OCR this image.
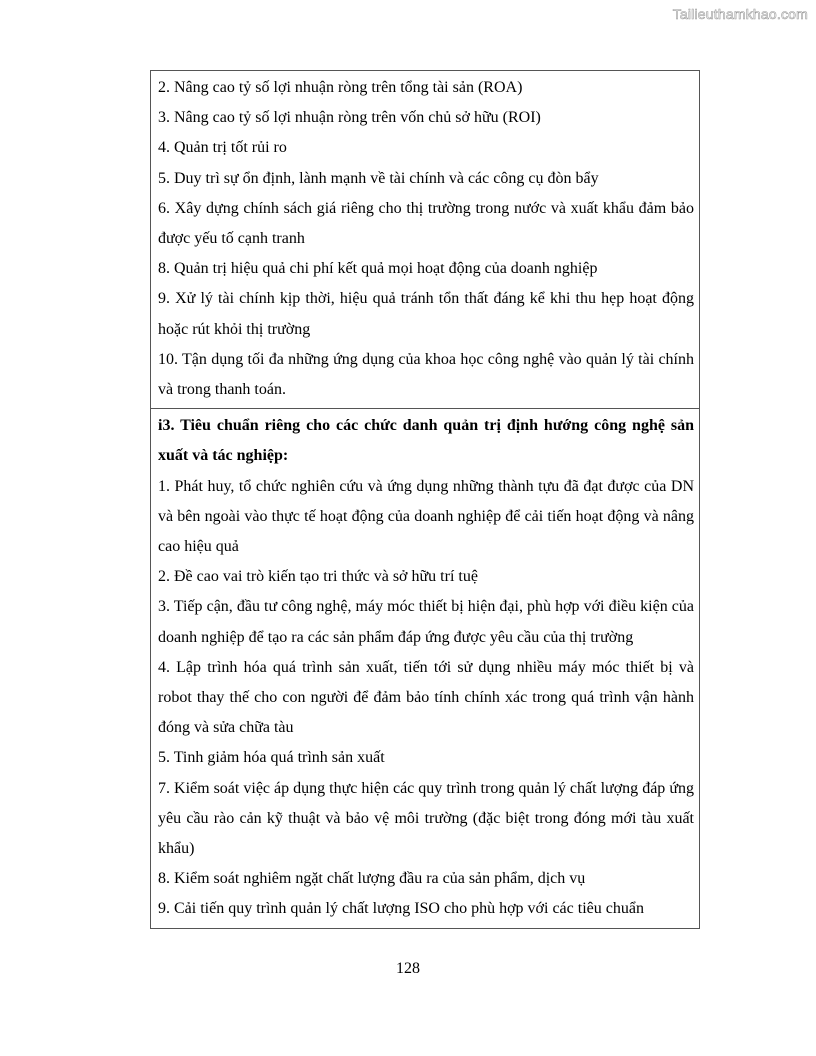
Tailieuthamkhao.com

2. Nâng cao tỷ số lợi nhuận ròng trên tổng tài sản (ROA)

3. Nâng cao tỷ số lợi nhuận ròng trên vốn chủ sở hữu (ROI)

4. Quản trị tốt rủi ro

5. Duy trì sự ổn định, lành mạnh về tài chính và các công cụ đòn bẩy

6. Xây dựng chính sách giá riêng cho thị trường trong nước và xuất khẩu đảm bảo được yếu tố cạnh tranh

8. Quản trị hiệu quả chi phí kết quả mọi hoạt động của doanh nghiệp

9. Xử lý tài chính kịp thời, hiệu quả tránh tổn thất đáng kể khi thu hẹp hoạt động hoặc rút khỏi thị trường

10. Tận dụng tối đa những ứng dụng của khoa học công nghệ vào quản lý tài chính và trong thanh toán.

i3. Tiêu chuẩn riêng cho các chức danh quản trị định hướng công nghệ sản xuất và tác nghiệp:

1. Phát huy, tổ chức nghiên cứu và ứng dụng những thành tựu đã đạt được của DN và bên ngoài vào thực tế hoạt động của doanh nghiệp để cải tiến hoạt động và nâng cao hiệu quả

2. Đề cao vai trò kiến tạo tri thức và sở hữu trí tuệ

3. Tiếp cận, đầu tư công nghệ, máy móc thiết bị hiện đại, phù hợp với điều kiện của doanh nghiệp để tạo ra các sản phẩm đáp ứng được yêu cầu của thị trường

4. Lập trình hóa quá trình sản xuất, tiến tới sử dụng nhiều máy móc thiết bị và robot thay thế cho con người để đảm bảo tính chính xác trong quá trình vận hành đóng và sửa chữa tàu

5. Tinh giảm hóa quá trình sản xuất

7. Kiểm soát việc áp dụng thực hiện các quy trình trong quản lý chất lượng đáp ứng yêu cầu rào cản kỹ thuật và bảo vệ môi trường (đặc biệt trong đóng mới tàu xuất khẩu)

8. Kiểm soát nghiêm ngặt chất lượng đầu ra của sản phẩm, dịch vụ

9. Cải tiến quy trình quản lý chất lượng ISO cho phù hợp với các tiêu chuẩn

128
